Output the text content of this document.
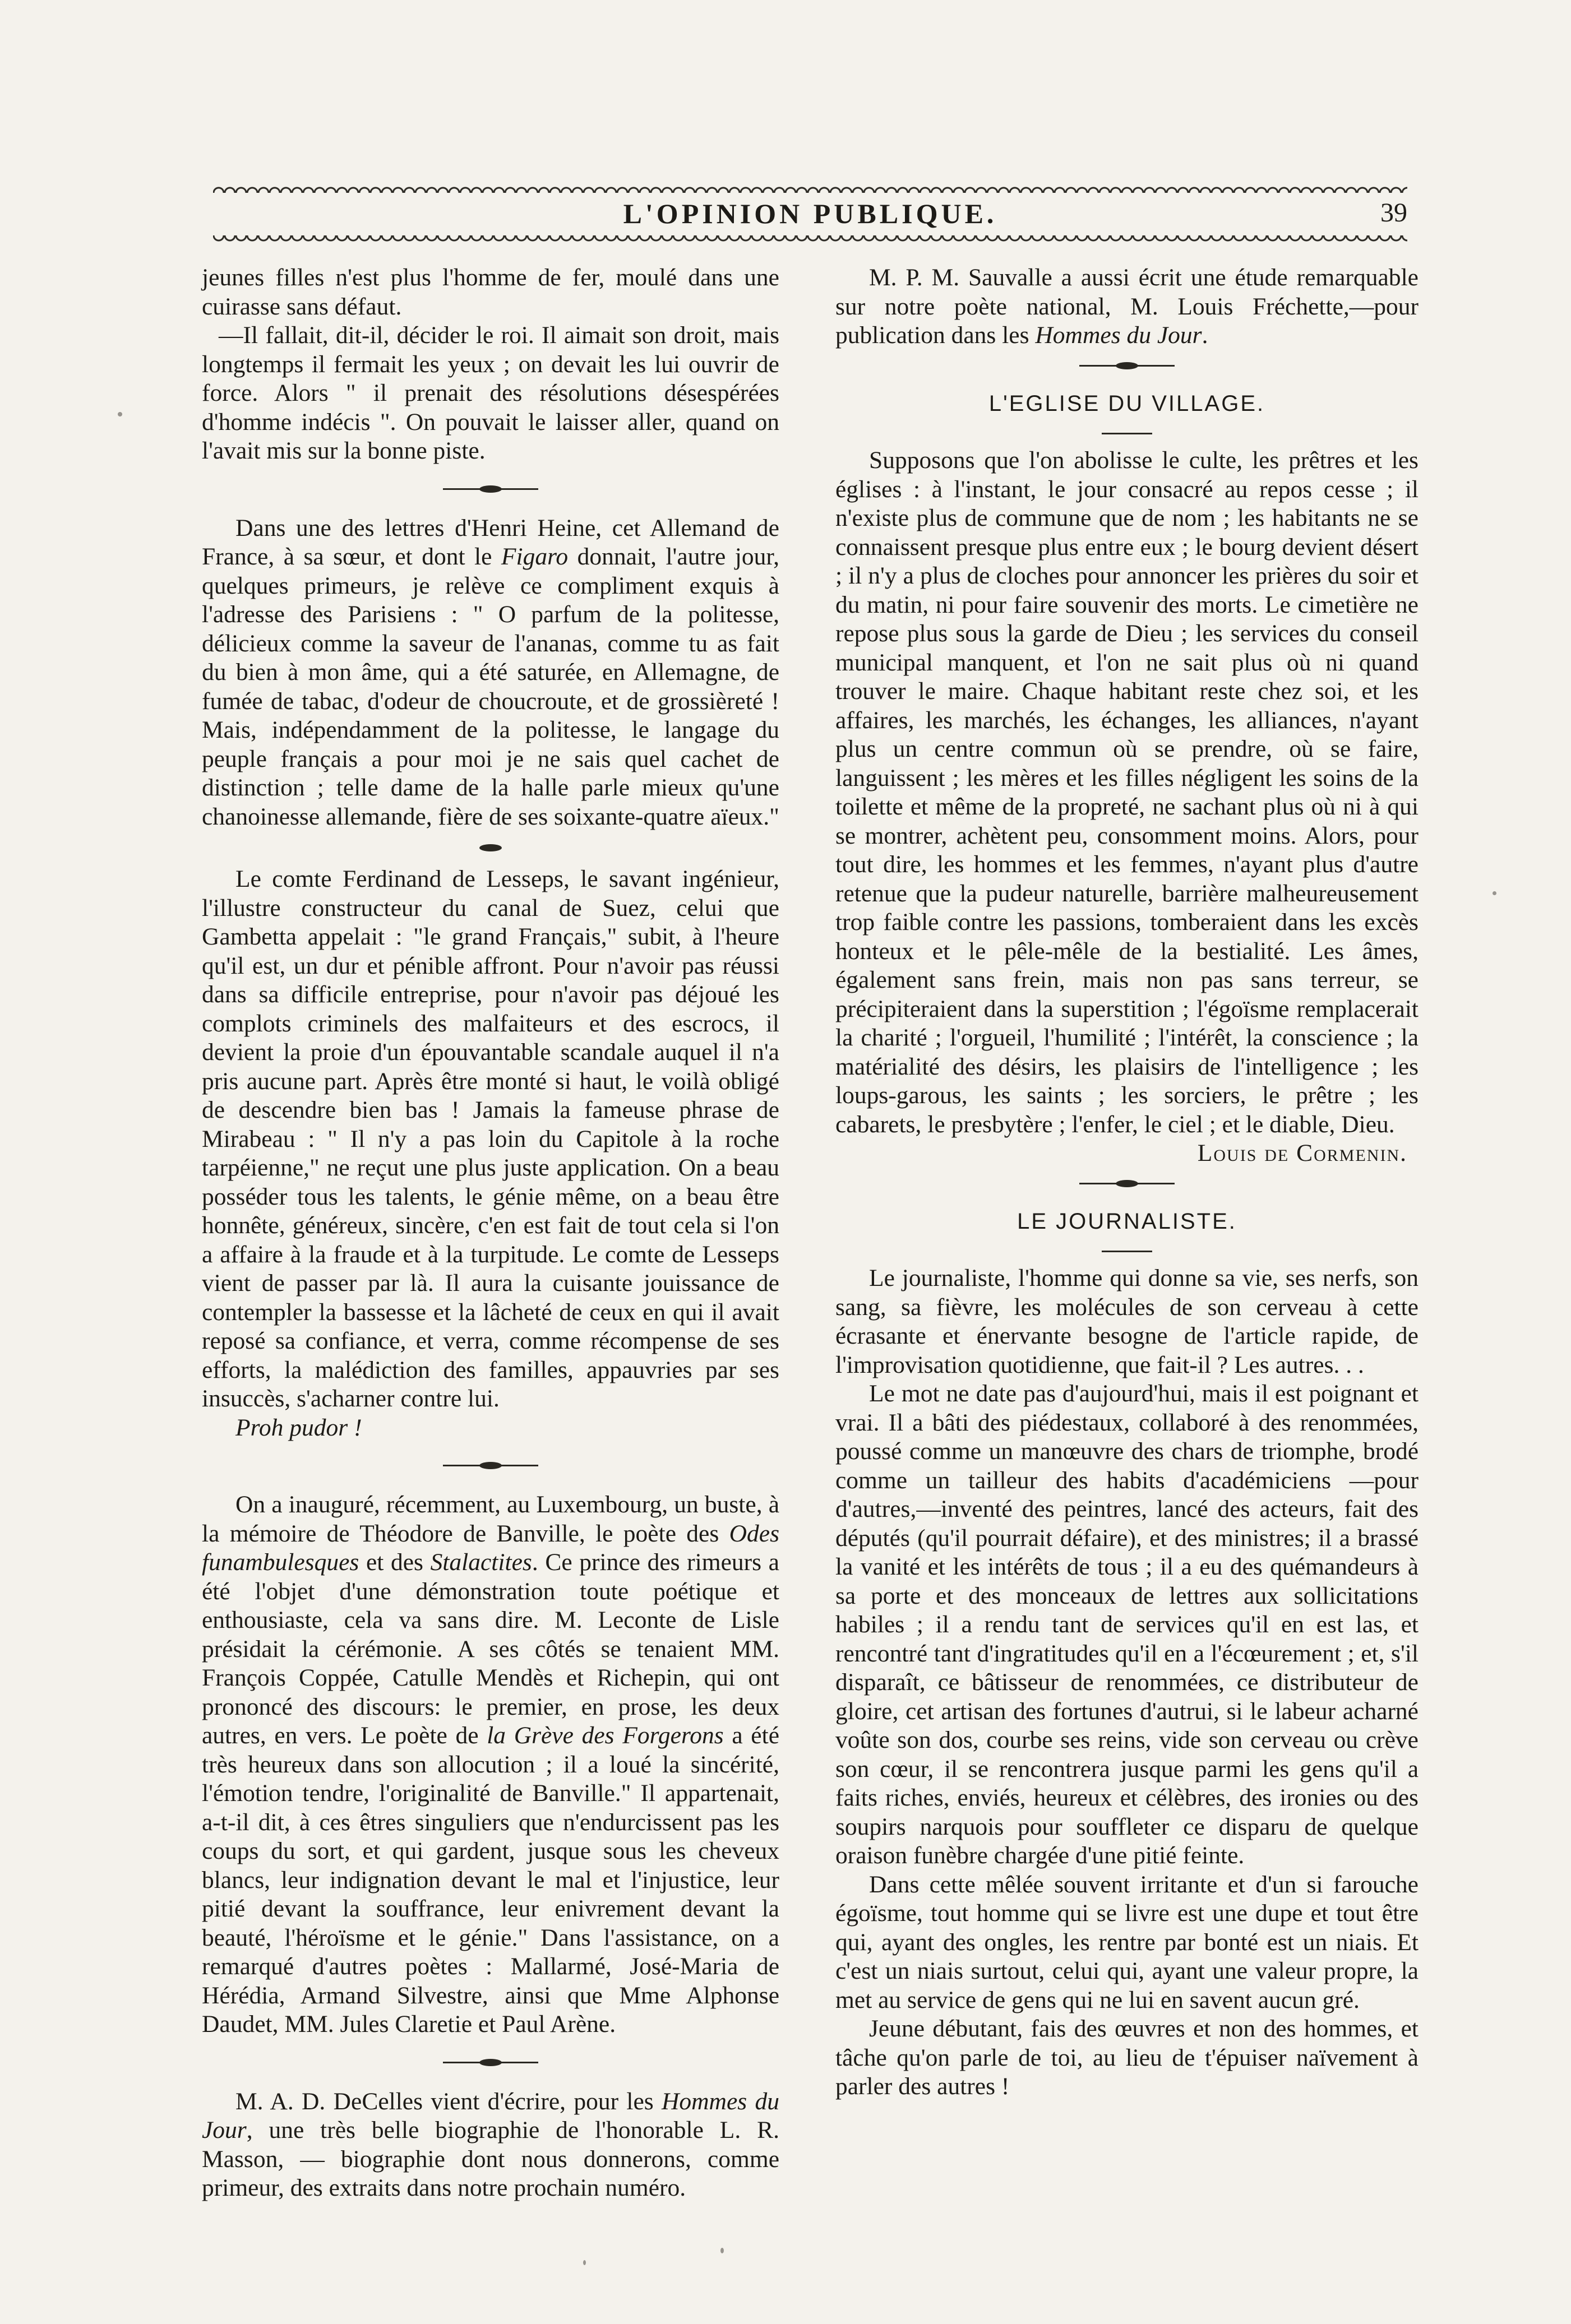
L'OPINION PUBLIQUE.	39

jeunes filles n'est plus l'homme de fer, moulé dans une cuirasse sans défaut.

—Il fallait, dit-il, décider le roi. Il aimait son droit, mais longtemps il fermait les yeux ; on devait les lui ouvrir de force. Alors " il prenait des résolutions désespérées d'homme indécis ". On pouvait le laisser aller, quand on l'avait mis sur la bonne piste.

Dans une des lettres d'Henri Heine, cet Allemand de France, à sa sœur, et dont le Figaro donnait, l'autre jour, quelques primeurs, je relève ce compliment exquis à l'adresse des Parisiens : " O parfum de la politesse, délicieux comme la saveur de l'ananas, comme tu as fait du bien à mon âme, qui a été saturée, en Allemagne, de fumée de tabac, d'odeur de choucroute, et de grossièreté ! Mais, indépendamment de la politesse, le langage du peuple français a pour moi je ne sais quel cachet de distinction ; telle dame de la halle parle mieux qu'une chanoinesse allemande, fière de ses soixante-quatre aïeux."

Le comte Ferdinand de Lesseps, le savant ingénieur, l'illustre constructeur du canal de Suez, celui que Gambetta appelait : "le grand Français," subit, à l'heure qu'il est, un dur et pénible affront. Pour n'avoir pas réussi dans sa difficile entreprise, pour n'avoir pas déjoué les complots criminels des malfaiteurs et des escrocs, il devient la proie d'un épouvantable scandale auquel il n'a pris aucune part. Après être monté si haut, le voilà obligé de descendre bien bas ! Jamais la fameuse phrase de Mirabeau : " Il n'y a pas loin du Capitole à la roche tarpéienne," ne reçut une plus juste application. On a beau posséder tous les talents, le génie même, on a beau être honnête, généreux, sincère, c'en est fait de tout cela si l'on a affaire à la fraude et à la turpitude. Le comte de Lesseps vient de passer par là. Il aura la cuisante jouissance de contempler la bassesse et la lâcheté de ceux en qui il avait reposé sa confiance, et verra, comme récompense de ses efforts, la malédiction des familles, appauvries par ses insuccès, s'acharner contre lui.

Proh pudor !

On a inauguré, récemment, au Luxembourg, un buste, à la mémoire de Théodore de Banville, le poète des Odes funambulesques et des Stalactites. Ce prince des rimeurs a été l'objet d'une démonstration toute poétique et enthousiaste, cela va sans dire. M. Leconte de Lisle présidait la cérémonie. A ses côtés se tenaient MM. François Coppée, Catulle Mendès et Richepin, qui ont prononcé des discours: le premier, en prose, les deux autres, en vers. Le poète de la Grève des Forgerons a été très heureux dans son allocution ; il a loué la sincérité, l'émotion tendre, l'originalité de Banville." Il appartenait, a-t-il dit, à ces êtres singuliers que n'endurcissent pas les coups du sort, et qui gardent, jusque sous les cheveux blancs, leur indignation devant le mal et l'injustice, leur pitié devant la souffrance, leur enivrement devant la beauté, l'héroïsme et le génie." Dans l'assistance, on a remarqué d'autres poètes : Mallarmé, José-Maria de Hérédia, Armand Silvestre, ainsi que Mme Alphonse Daudet, MM. Jules Claretie et Paul Arène.

M. A. D. DeCelles vient d'écrire, pour les Hommes du Jour, une très belle biographie de l'honorable L. R. Masson, — biographie dont nous donnerons, comme primeur, des extraits dans notre prochain numéro.

M. P. M. Sauvalle a aussi écrit une étude remarquable sur notre poète national, M. Louis Fréchette,—pour publication dans les Hommes du Jour.

L'EGLISE DU VILLAGE.

Supposons que l'on abolisse le culte, les prêtres et les églises : à l'instant, le jour consacré au repos cesse ; il n'existe plus de commune que de nom ; les habitants ne se connaissent presque plus entre eux ; le bourg devient désert ; il n'y a plus de cloches pour annoncer les prières du soir et du matin, ni pour faire souvenir des morts. Le cimetière ne repose plus sous la garde de Dieu ; les services du conseil municipal manquent, et l'on ne sait plus où ni quand trouver le maire. Chaque habitant reste chez soi, et les affaires, les marchés, les échanges, les alliances, n'ayant plus un centre commun où se prendre, où se faire, languissent ; les mères et les filles négligent les soins de la toilette et même de la propreté, ne sachant plus où ni à qui se montrer, achètent peu, consomment moins. Alors, pour tout dire, les hommes et les femmes, n'ayant plus d'autre retenue que la pudeur naturelle, barrière malheureusement trop faible contre les passions, tomberaient dans les excès honteux et le pêle-mêle de la bestialité. Les âmes, également sans frein, mais non pas sans terreur, se précipiteraient dans la superstition ; l'égoïsme remplacerait la charité ; l'orgueil, l'humilité ; l'intérêt, la conscience ; la matérialité des désirs, les plaisirs de l'intelligence ; les loups-garous, les saints ; les sorciers, le prêtre ; les cabarets, le presbytère ; l'enfer, le ciel ; et le diable, Dieu.

Louis de Cormenin.

LE JOURNALISTE.

Le journaliste, l'homme qui donne sa vie, ses nerfs, son sang, sa fièvre, les molécules de son cerveau à cette écrasante et énervante besogne de l'article rapide, de l'improvisation quotidienne, que fait-il ? Les autres. . .

Le mot ne date pas d'aujourd'hui, mais il est poignant et vrai. Il a bâti des piédestaux, collaboré à des renommées, poussé comme un manœuvre des chars de triomphe, brodé comme un tailleur des habits d'académiciens —pour d'autres,—inventé des peintres, lancé des acteurs, fait des députés (qu'il pourrait défaire), et des ministres; il a brassé la vanité et les intérêts de tous ; il a eu des quémandeurs à sa porte et des monceaux de lettres aux sollicitations habiles ; il a rendu tant de services qu'il en est las, et rencontré tant d'ingratitudes qu'il en a l'écœurement ; et, s'il disparaît, ce bâtisseur de renommées, ce distributeur de gloire, cet artisan des fortunes d'autrui, si le labeur acharné voûte son dos, courbe ses reins, vide son cerveau ou crève son cœur, il se rencontrera jusque parmi les gens qu'il a faits riches, enviés, heureux et célèbres, des ironies ou des soupirs narquois pour souffleter ce disparu de quelque oraison funèbre chargée d'une pitié feinte.

Dans cette mêlée souvent irritante et d'un si farouche égoïsme, tout homme qui se livre est une dupe et tout être qui, ayant des ongles, les rentre par bonté est un niais. Et c'est un niais surtout, celui qui, ayant une valeur propre, la met au service de gens qui ne lui en savent aucun gré.

Jeune débutant, fais des œuvres et non des hommes, et tâche qu'on parle de toi, au lieu de t'épuiser naïvement à parler des autres !
